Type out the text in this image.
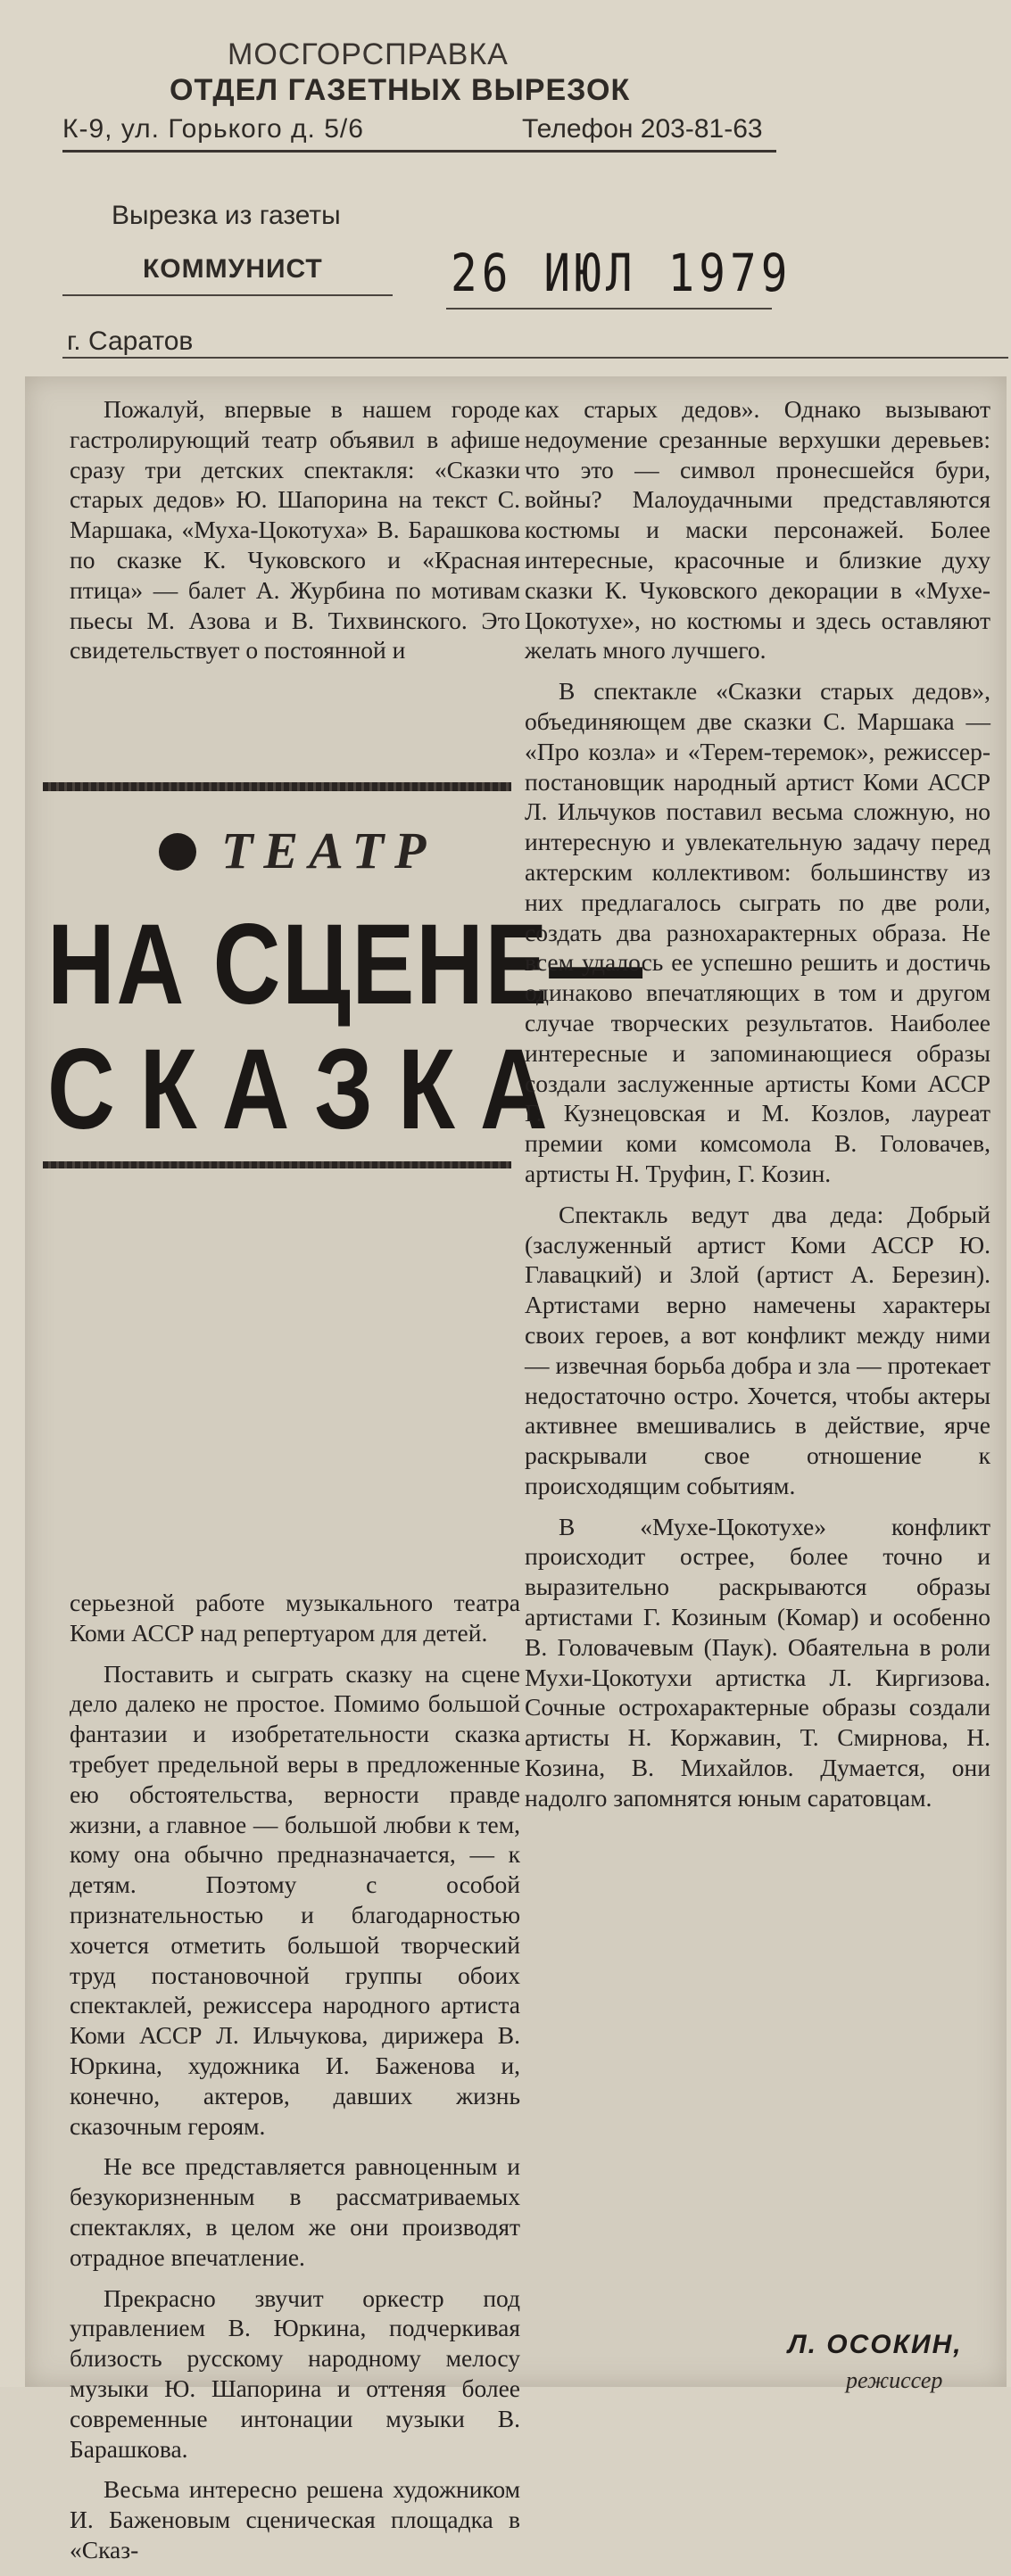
МОСГОРСПРАВКА
ОТДЕЛ ГАЗЕТНЫХ ВЫРЕЗОК
К-9, ул. Горького д. 5/6	Телефон 203-81-63
Вырезка из газеты
КОММУНИСТ 26 ИЮЛ 1979
г. Саратов

Пожалуй, впервые в нашем городе гастролирующий театр объявил в афише сразу три детских спектакля: «Сказки старых дедов» Ю. Шапорина на текст С. Маршака, «Муха-Цокотуха» В. Барашкова по сказке К. Чуковского и «Красная птица» — балет А. Журбина по мотивам пьесы М. Азова и В. Тихвинского. Это свидетельствует о постоянной и

ТЕАТР
НА СЦЕНЕ—
СКАЗКА

серьезной работе музыкального театра Коми АССР над репертуаром для детей.

Поставить и сыграть сказку на сцене дело далеко не простое. Помимо большой фантазии и изобретательности сказка требует предельной веры в предложенные ею обстоятельства, верности правде жизни, а главное — большой любви к тем, кому она обычно предназначается, — к детям. Поэтому с особой признательностью и благодарностью хочется отметить большой творческий труд постановочной группы обоих спектаклей, режиссера народного артиста Коми АССР Л. Ильчукова, дирижера В. Юркина, художника И. Баженова и, конечно, актеров, давших жизнь сказочным героям.

Не все представляется равноценным и безукоризненным в рассматриваемых спектаклях, в целом же они производят отрадное впечатление.

Прекрасно звучит оркестр под управлением В. Юркина, подчеркивая близость русскому народному мелосу музыки Ю. Шапорина и оттеняя более современные интонации музыки В. Барашкова.

Весьма интересно решена художником И. Баженовым сценическая площадка в «Сказ-

ках старых дедов». Однако вызывают недоумение срезанные верхушки деревьев: что это — символ пронесшейся бури, войны? Малоудачными представляются костюмы и маски персонажей. Более интересные, красочные и близкие духу сказки К. Чуковского декорации в «Мухе-Цокотухе», но костюмы и здесь оставляют желать много лучшего.

В спектакле «Сказки старых дедов», объединяющем две сказки С. Маршака — «Про козла» и «Терем-теремок», режиссер-постановщик народный артист Коми АССР Л. Ильчуков поставил весьма сложную, но интересную и увлекательную задачу перед актерским коллективом: большинству из них предлагалось сыграть по две роли, создать два разнохарактерных образа. Не всем удалось ее успешно решить и достичь одинаково впечатляющих в том и другом случае творческих результатов. Наиболее интересные и запоминающиеся образы создали заслуженные артисты Коми АССР Г. Кузнецовская и М. Козлов, лауреат премии коми комсомола В. Головачев, артисты Н. Труфин, Г. Козин.

Спектакль ведут два деда: Добрый (заслуженный артист Коми АССР Ю. Главацкий) и Злой (артист А. Березин). Артистами верно намечены характеры своих героев, а вот конфликт между ними — извечная борьба добра и зла — протекает недостаточно остро. Хочется, чтобы актеры активнее вмешивались в действие, ярче раскрывали свое отношение к происходящим событиям.

В «Мухе-Цокотухе» конфликт происходит острее, более точно и выразительно раскрываются образы артистами Г. Козиным (Комар) и особенно В. Головачевым (Паук). Обаятельна в роли Мухи-Цокотухи артистка Л. Киргизова. Сочные острохарактерные образы создали артисты Н. Коржавин, Т. Смирнова, Н. Козина, В. Михайлов. Думается, они надолго запомнятся юным саратовцам.

Л. ОСОКИН,
режиссер
